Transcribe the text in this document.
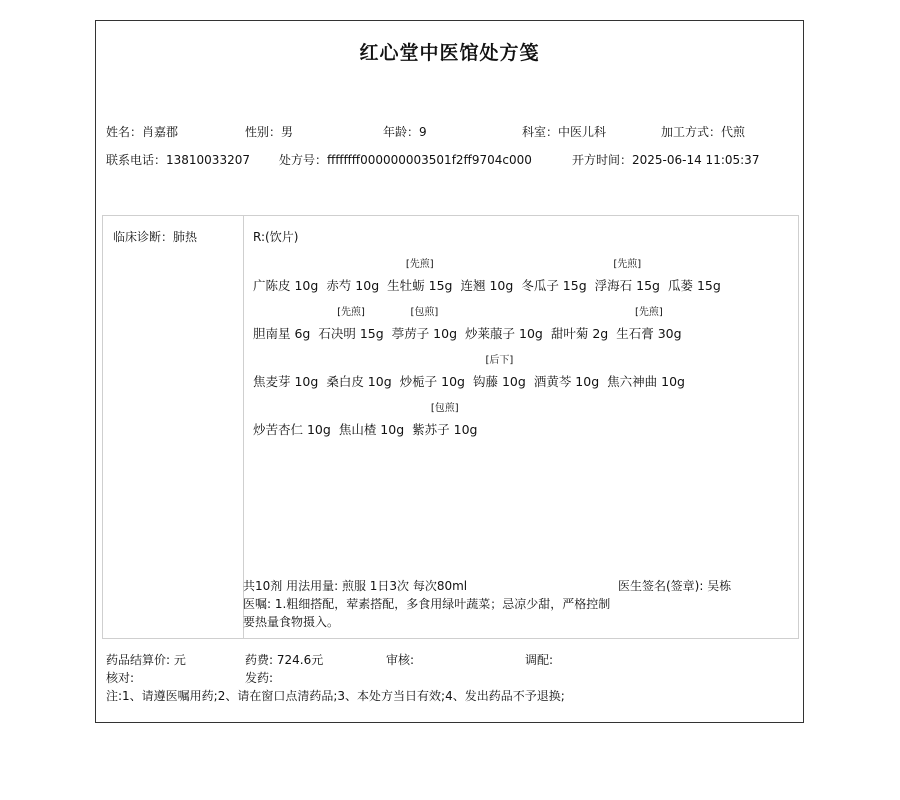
红心堂中医馆处方笺
姓名：肖嘉郡	性别：男	年龄：9	科室：中医儿科	加工方式：代煎
联系电话：13810033207 处方号：ffffffff000000003501f2ff9704c000	开方时间：2025-06-14 11:05:37
临床诊断：肺热	R:(饮片)
广陈皮 10g 赤芍 10g 生牡蛎 15g
[先煎]
连翘 10g 冬瓜子 15g 浮海石 15g
[先煎]
瓜蒌 15g
胆南星 6g 石决明 15g
[先煎]
葶苈子 10g
[包煎]
炒莱菔子 10g 甜叶菊 2g 生石膏 30g
[先煎]
焦麦芽 10g 桑白皮 10g 炒栀子 10g 钩藤 10g
[后下]
酒黄芩 10g 焦六神曲 10g
炒苦杏仁 10g 焦山楂 10g 紫苏子 10g
[包煎]
共10剂 用法用量: 煎服 1日3次 每次80ml	医生签名(签章): 吴栋
医嘱: 1.粗细搭配，荤素搭配，多食用绿叶蔬菜；忌凉少甜，严格控制要热量食物摄入。
药品结算价: 元	药费: 724.6元	审核:	调配:
核对:	发药:
注:1、请遵医嘱用药;2、请在窗口点清药品;3、本处方当日有效;4、发出药品不予退换;
